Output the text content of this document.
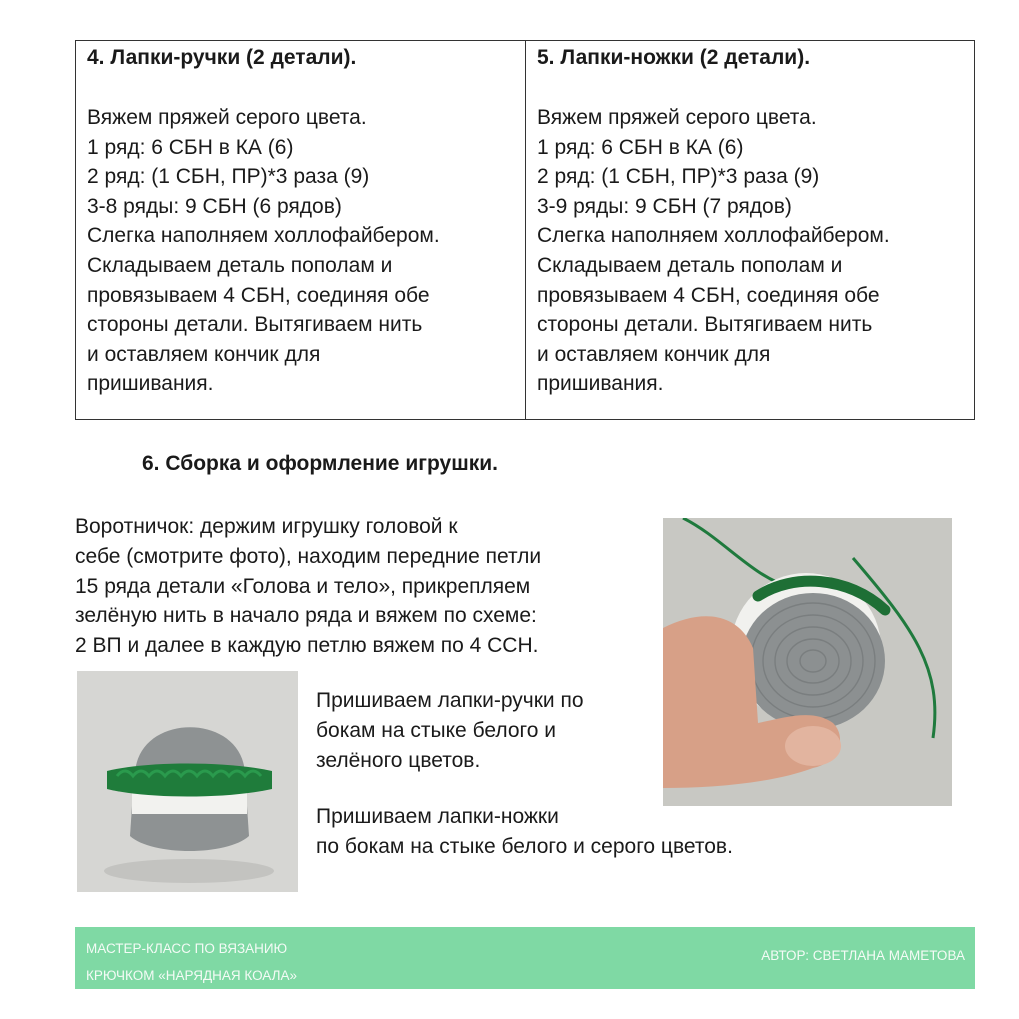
4. Лапки-ручки (2 детали).

Вяжем пряжей серого цвета.
1 ряд: 6 СБН в КА (6)
2 ряд: (1 СБН, ПР)*3 раза (9)
3-8 ряды: 9 СБН (6 рядов)
Слегка наполняем холлофайбером.
Складываем деталь пополам и
провязываем 4 СБН, соединяя обе
стороны детали. Вытягиваем нить
и оставляем кончик для
пришивания.

5. Лапки-ножки (2 детали).

Вяжем пряжей серого цвета.
1 ряд: 6 СБН в КА (6)
2 ряд: (1 СБН, ПР)*3 раза (9)
3-9 ряды: 9 СБН (7 рядов)
Слегка наполняем холлофайбером.
Складываем деталь пополам и
провязываем 4 СБН, соединяя обе
стороны детали. Вытягиваем нить
и оставляем кончик для
пришивания.

6. Сборка и оформление игрушки.

Воротничок: держим игрушку головой к
себе (смотрите фото), находим передние петли
15 ряда детали «Голова и тело», прикрепляем
зелёную нить в начало ряда и вяжем по схеме:
2 ВП и далее в каждую петлю вяжем по 4 ССН.

Пришиваем лапки-ручки по
бокам на стыке белого и
зелёного цветов.

Пришиваем лапки-ножки
по бокам на стыке белого и серого цветов.

МАСТЕР-КЛАСС ПО ВЯЗАНИЮ
КРЮЧКОМ «НАРЯДНАЯ КОАЛА»
АВТОР: СВЕТЛАНА МАМЕТОВА
